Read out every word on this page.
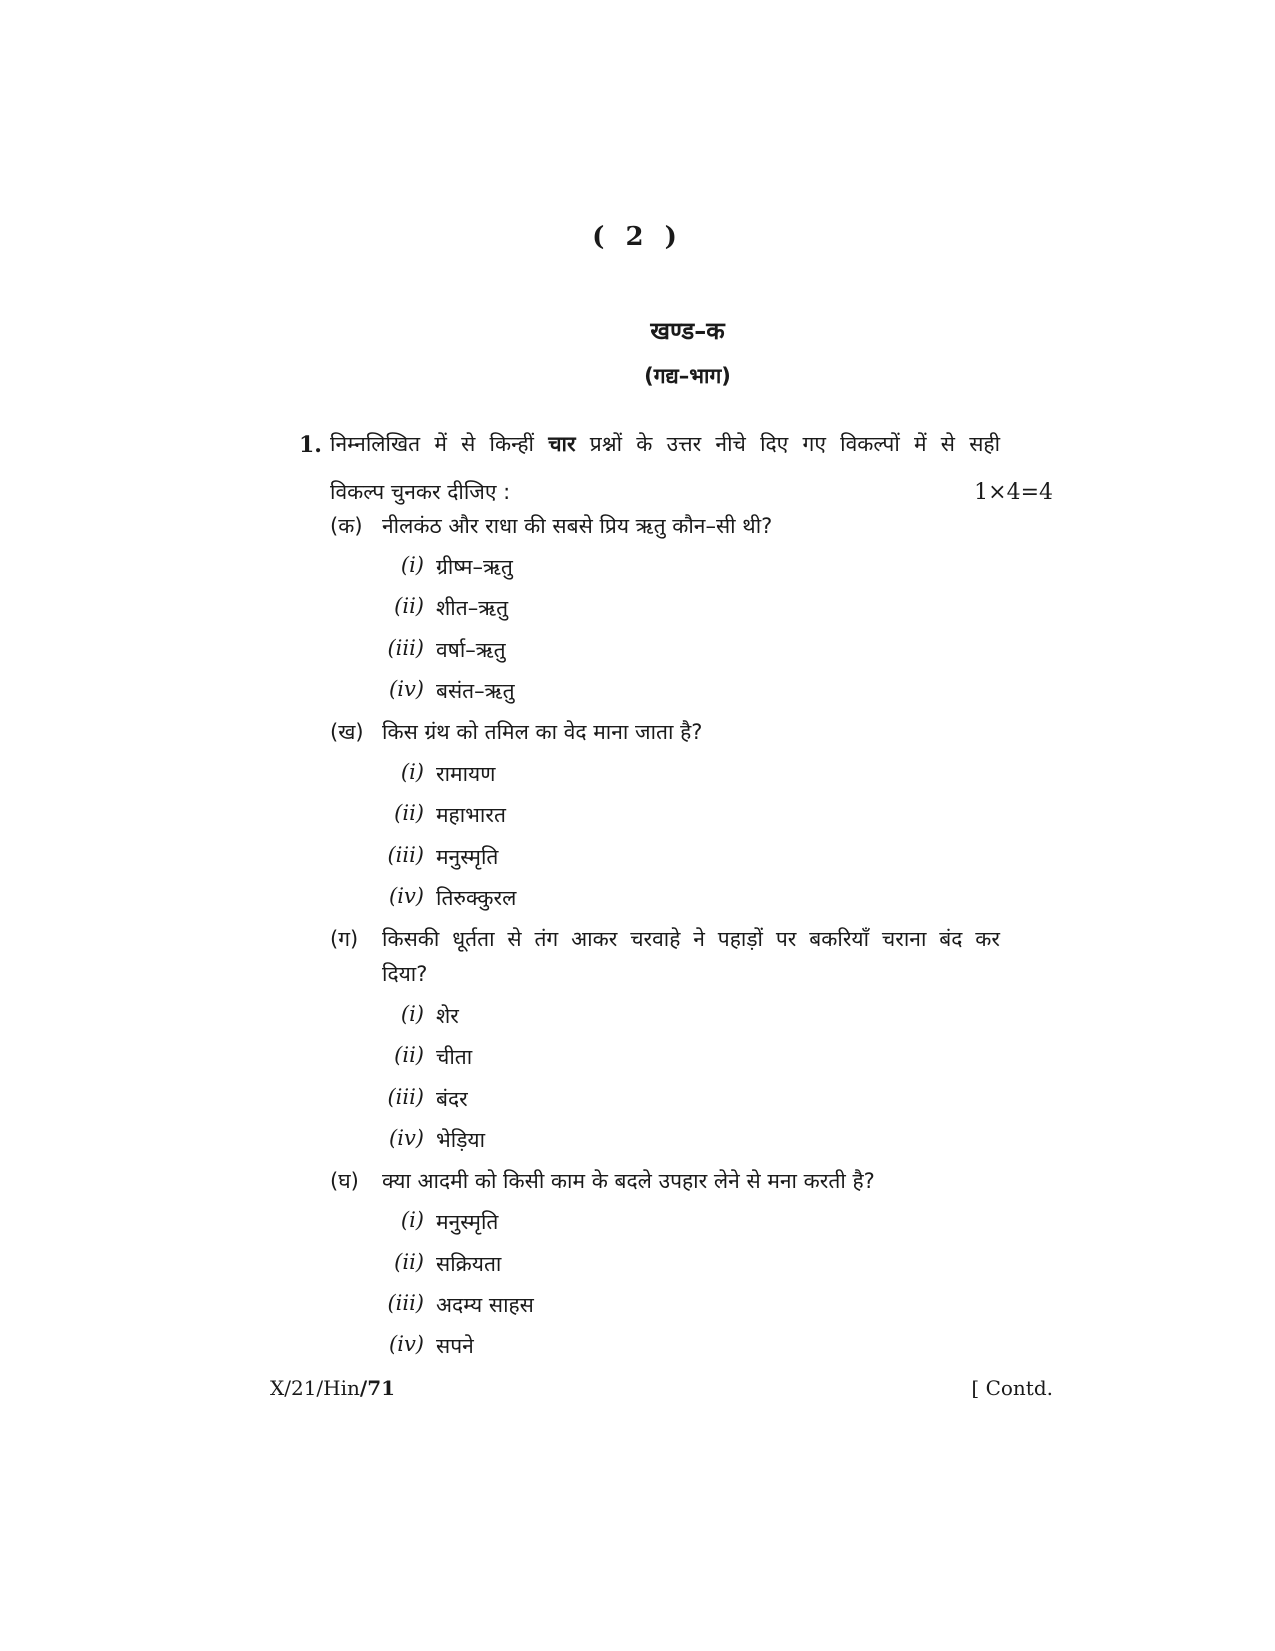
( 2 )
खण्ड–क
(गद्य–भाग)
1. निम्नलिखित में से किन्हीं चार प्रश्नों के उत्तर नीचे दिए गए विकल्पों में से सही
विकल्प चुनकर दीजिए :	1×4=4
(क) नीलकंठ और राधा की सबसे प्रिय ऋतु कौन–सी थी?
(i) ग्रीष्म–ऋतु
(ii) शीत–ऋतु
(iii) वर्षा–ऋतु
(iv) बसंत–ऋतु
(ख) किस ग्रंथ को तमिल का वेद माना जाता है?
(i) रामायण
(ii) महाभारत
(iii) मनुस्मृति
(iv) तिरुक्कुरल
(ग) किसकी धूर्तता से तंग आकर चरवाहे ने पहाड़ों पर बकरियाँ चराना बंद कर
दिया?
(i) शेर
(ii) चीता
(iii) बंदर
(iv) भेड़िया
(घ) क्या आदमी को किसी काम के बदले उपहार लेने से मना करती है?
(i) मनुस्मृति
(ii) सक्रियता
(iii) अदम्य साहस
(iv) सपने
X/21/Hin/71	[ Contd.
